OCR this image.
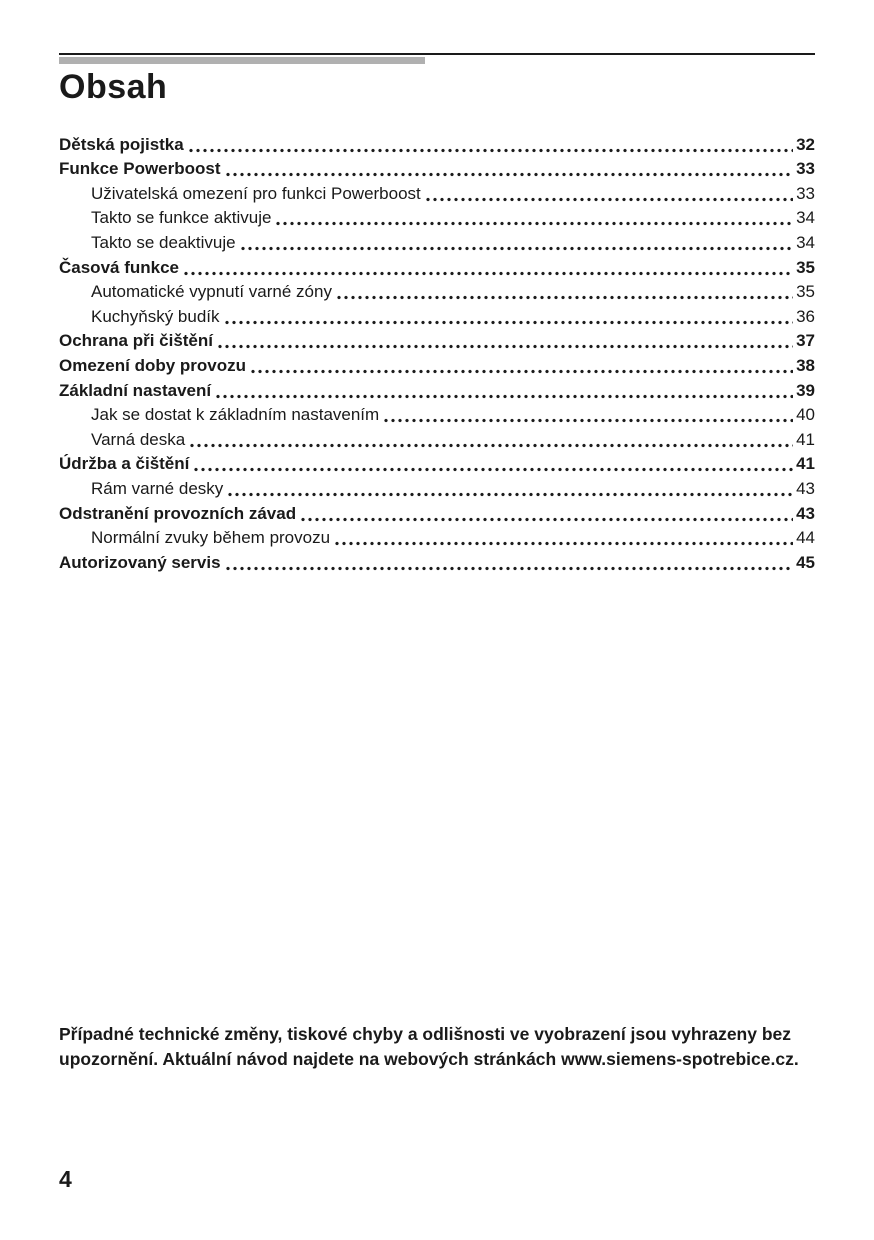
Obsah
Dětská pojistka	32
Funkce Powerboost	33
Uživatelská omezení pro funkci Powerboost	33
Takto se funkce aktivuje	34
Takto se deaktivuje	34
Časová funkce	35
Automatické vypnutí varné zóny	35
Kuchyňský budík	36
Ochrana při čištění	37
Omezení doby provozu	38
Základní nastavení	39
Jak se dostat k základním nastavením	40
Varná deska	41
Údržba a čištění	41
Rám varné desky	43
Odstranění provozních závad	43
Normální zvuky během provozu	44
Autorizovaný servis	45

Případné technické změny, tiskové chyby a odlišnosti ve vyobrazení jsou vyhrazeny bez upozornění. Aktuální návod najdete na webových stránkách www.siemens-spotrebice.cz.

4
